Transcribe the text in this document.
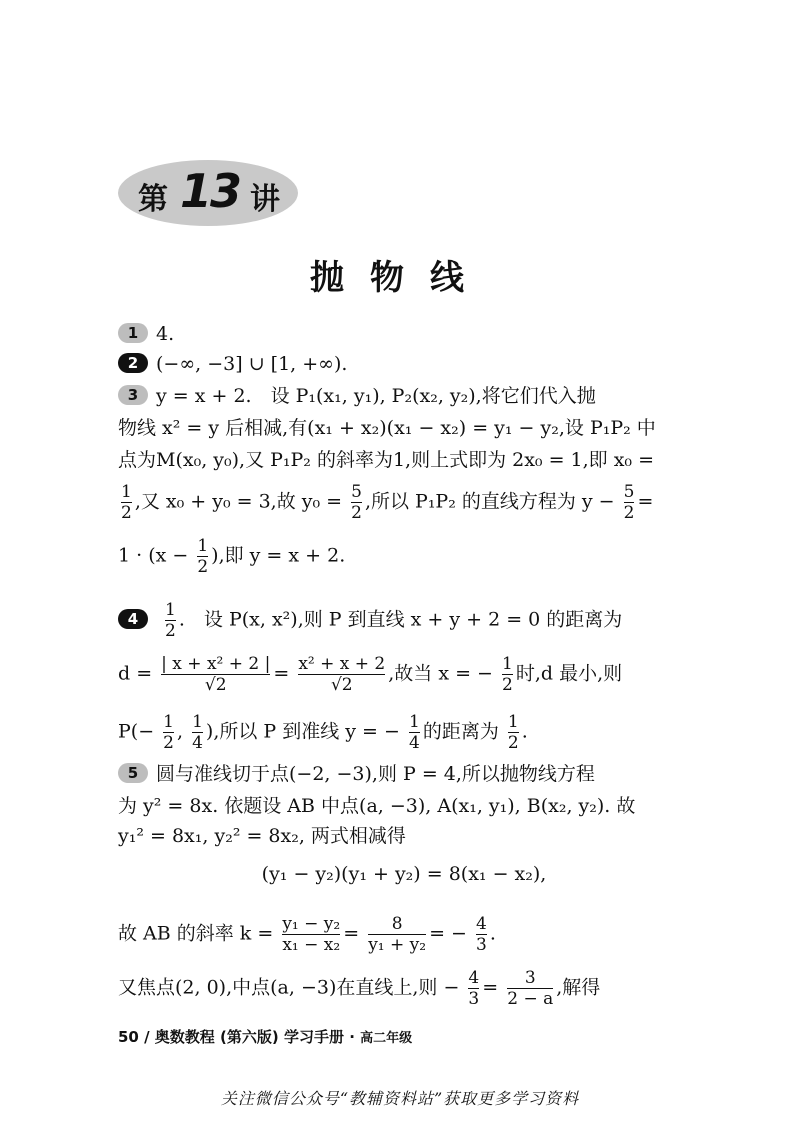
第 13 讲
抛物线
1 4.
2 (−∞, −3] ∪ [1, +∞).
3 y = x + 2.　设 P₁(x₁, y₁), P₂(x₂, y₂),将它们代入抛
物线 x² = y 后相减,有(x₁ + x₂)(x₁ − x₂) = y₁ − y₂,设 P₁P₂ 中
点为M(x₀, y₀),又 P₁P₂ 的斜率为1,则上式即为 2x₀ = 1,即 x₀ =
$\frac{1}{2}$ ,又 x₀ + y₀ = 3,故 $y_0 = \frac{5}{2}$ ,所以 P₁P₂ 的直线方程为 $y - \frac{5}{2}$ =
$1 \cdot (x - \frac{1}{2}$ ),即 y = x + 2.
$4 \frac{1}{2}$ .　设 P(x, x²),则 P 到直线 x + y + 2 = 0 的距离为
$d = \frac{\text{| x + x² + 2 |}}{√2} = \frac{\text{x² + x + 2}}{√2}$ ,故当 x = − $\frac{1}{2}$ 时,d 最小,则
$P(- \frac{1}{2}$ , $\frac{1}{4}$ ),所以 P 到准线 y = − $\frac{1}{4}$ 的距离为 $\frac{1}{2}$ .
5 圆与准线切于点(−2, −3),则 P = 4,所以抛物线方程
为 y² = 8x. 依题设 AB 中点(a, −3), A(x₁, y₁), B(x₂, y₂). 故
y₁² = 8x₁, y₂² = 8x₂, 两式相减得
(y₁ − y₂)(y₁ + y₂) = 8(x₁ − x₂),
故 AB 的斜率 $k = \frac{\text{y₁ − y₂}}{\text{x₁ − x₂}} = \frac{8}{\text{y₁ + y₂}}$ = − $\frac{4}{3}$ .
又焦点(2, 0),中点(a, −3)在直线上,则 − $\frac{4}{3} = \frac{3}{2 - a}$ ,解得
50 / 奥数教程 (第六版) 学习手册 · 高二年级
关注微信公众号“教辅资料站”获取更多学习资料
